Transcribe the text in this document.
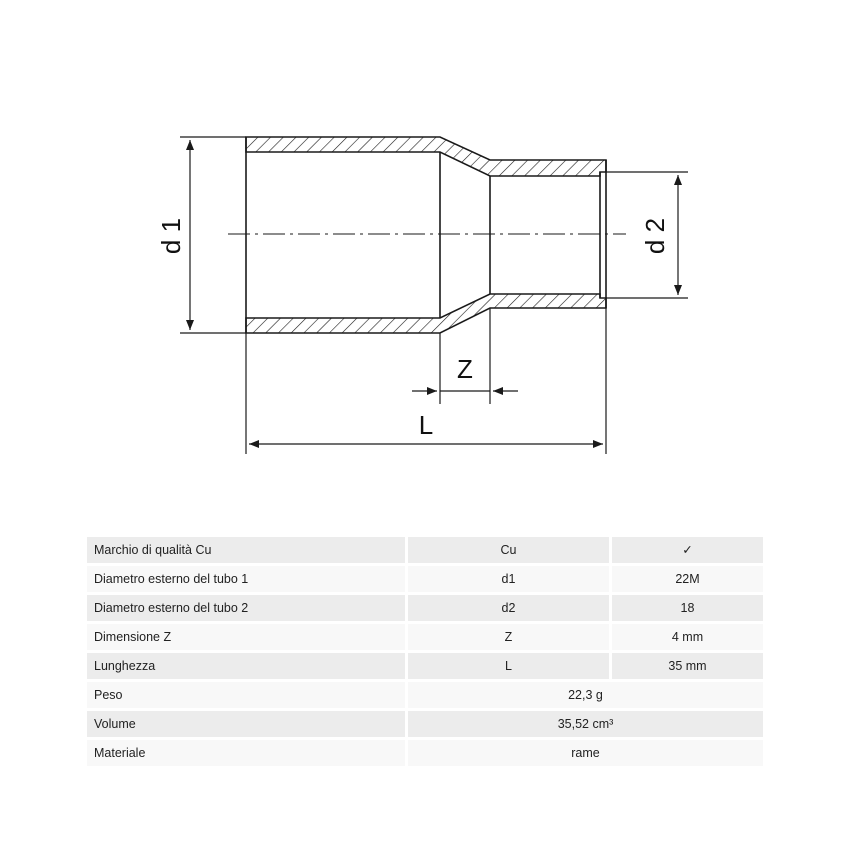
d 1	d 2
Z
L
Marchio di qualità Cu	Cu	✓
Diametro esterno del tubo 1	d1	22M
Diametro esterno del tubo 2	d2	18
Dimensione Z	Z	4 mm
Lunghezza	L	35 mm
Peso	22,3 g
Volume	35,52 cm³
Materiale	rame
